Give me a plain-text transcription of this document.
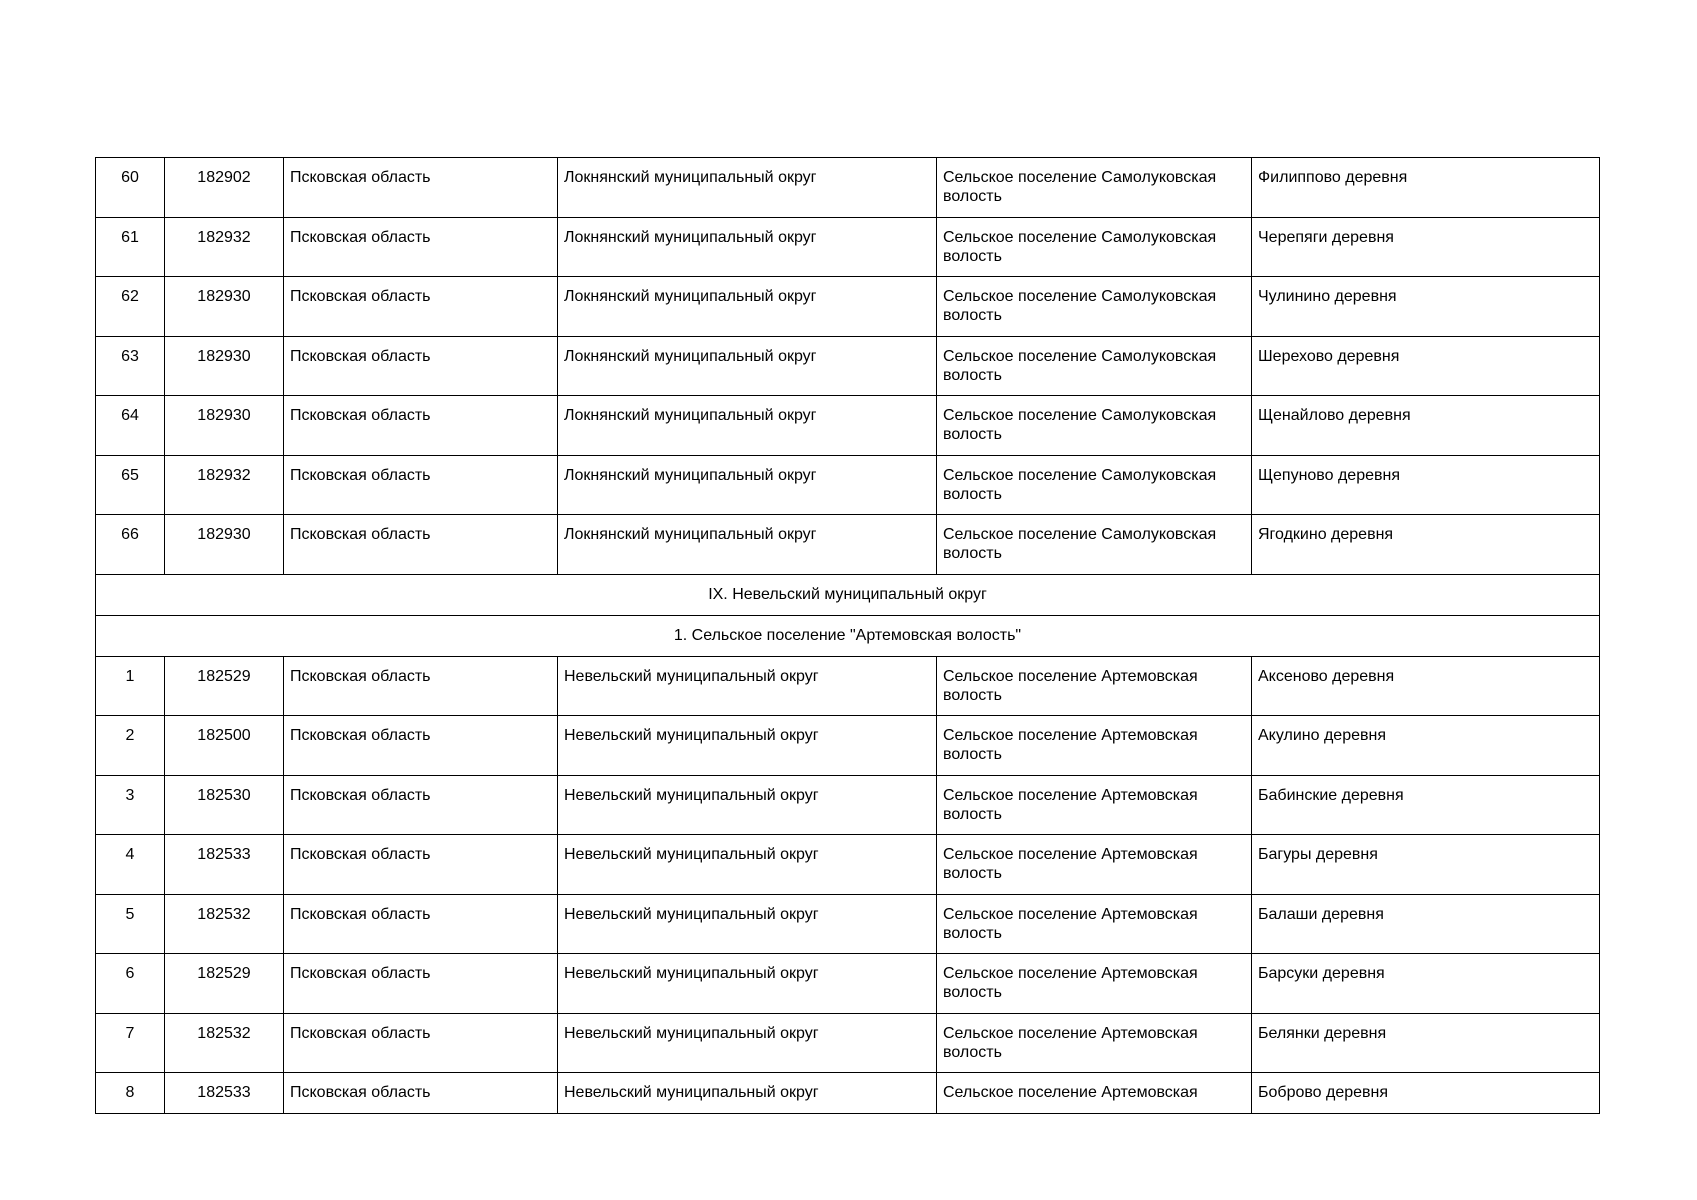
60	182902	Псковская область	Локнянский муниципальный округ	Сельское поселение Самолуковская волость	Филиппово деревня
61	182932	Псковская область	Локнянский муниципальный округ	Сельское поселение Самолуковская волость	Черепяги деревня
62	182930	Псковская область	Локнянский муниципальный округ	Сельское поселение Самолуковская волость	Чулинино деревня
63	182930	Псковская область	Локнянский муниципальный округ	Сельское поселение Самолуковская волость	Шерехово деревня
64	182930	Псковская область	Локнянский муниципальный округ	Сельское поселение Самолуковская волость	Щенайлово деревня
65	182932	Псковская область	Локнянский муниципальный округ	Сельское поселение Самолуковская волость	Щепуново деревня
66	182930	Псковская область	Локнянский муниципальный округ	Сельское поселение Самолуковская волость	Ягодкино деревня
IX. Невельский муниципальный округ					
1. Сельское поселение "Артемовская волость"					
1	182529	Псковская область	Невельский муниципальный округ	Сельское поселение Артемовская волость	Аксеново деревня
2	182500	Псковская область	Невельский муниципальный округ	Сельское поселение Артемовская волость	Акулино деревня
3	182530	Псковская область	Невельский муниципальный округ	Сельское поселение Артемовская волость	Бабинские деревня
4	182533	Псковская область	Невельский муниципальный округ	Сельское поселение Артемовская волость	Багуры деревня
5	182532	Псковская область	Невельский муниципальный округ	Сельское поселение Артемовская волость	Балаши деревня
6	182529	Псковская область	Невельский муниципальный округ	Сельское поселение Артемовская волость	Барсуки деревня
7	182532	Псковская область	Невельский муниципальный округ	Сельское поселение Артемовская волость	Белянки деревня
8	182533	Псковская область	Невельский муниципальный округ	Сельское поселение Артемовская	Боброво деревня
